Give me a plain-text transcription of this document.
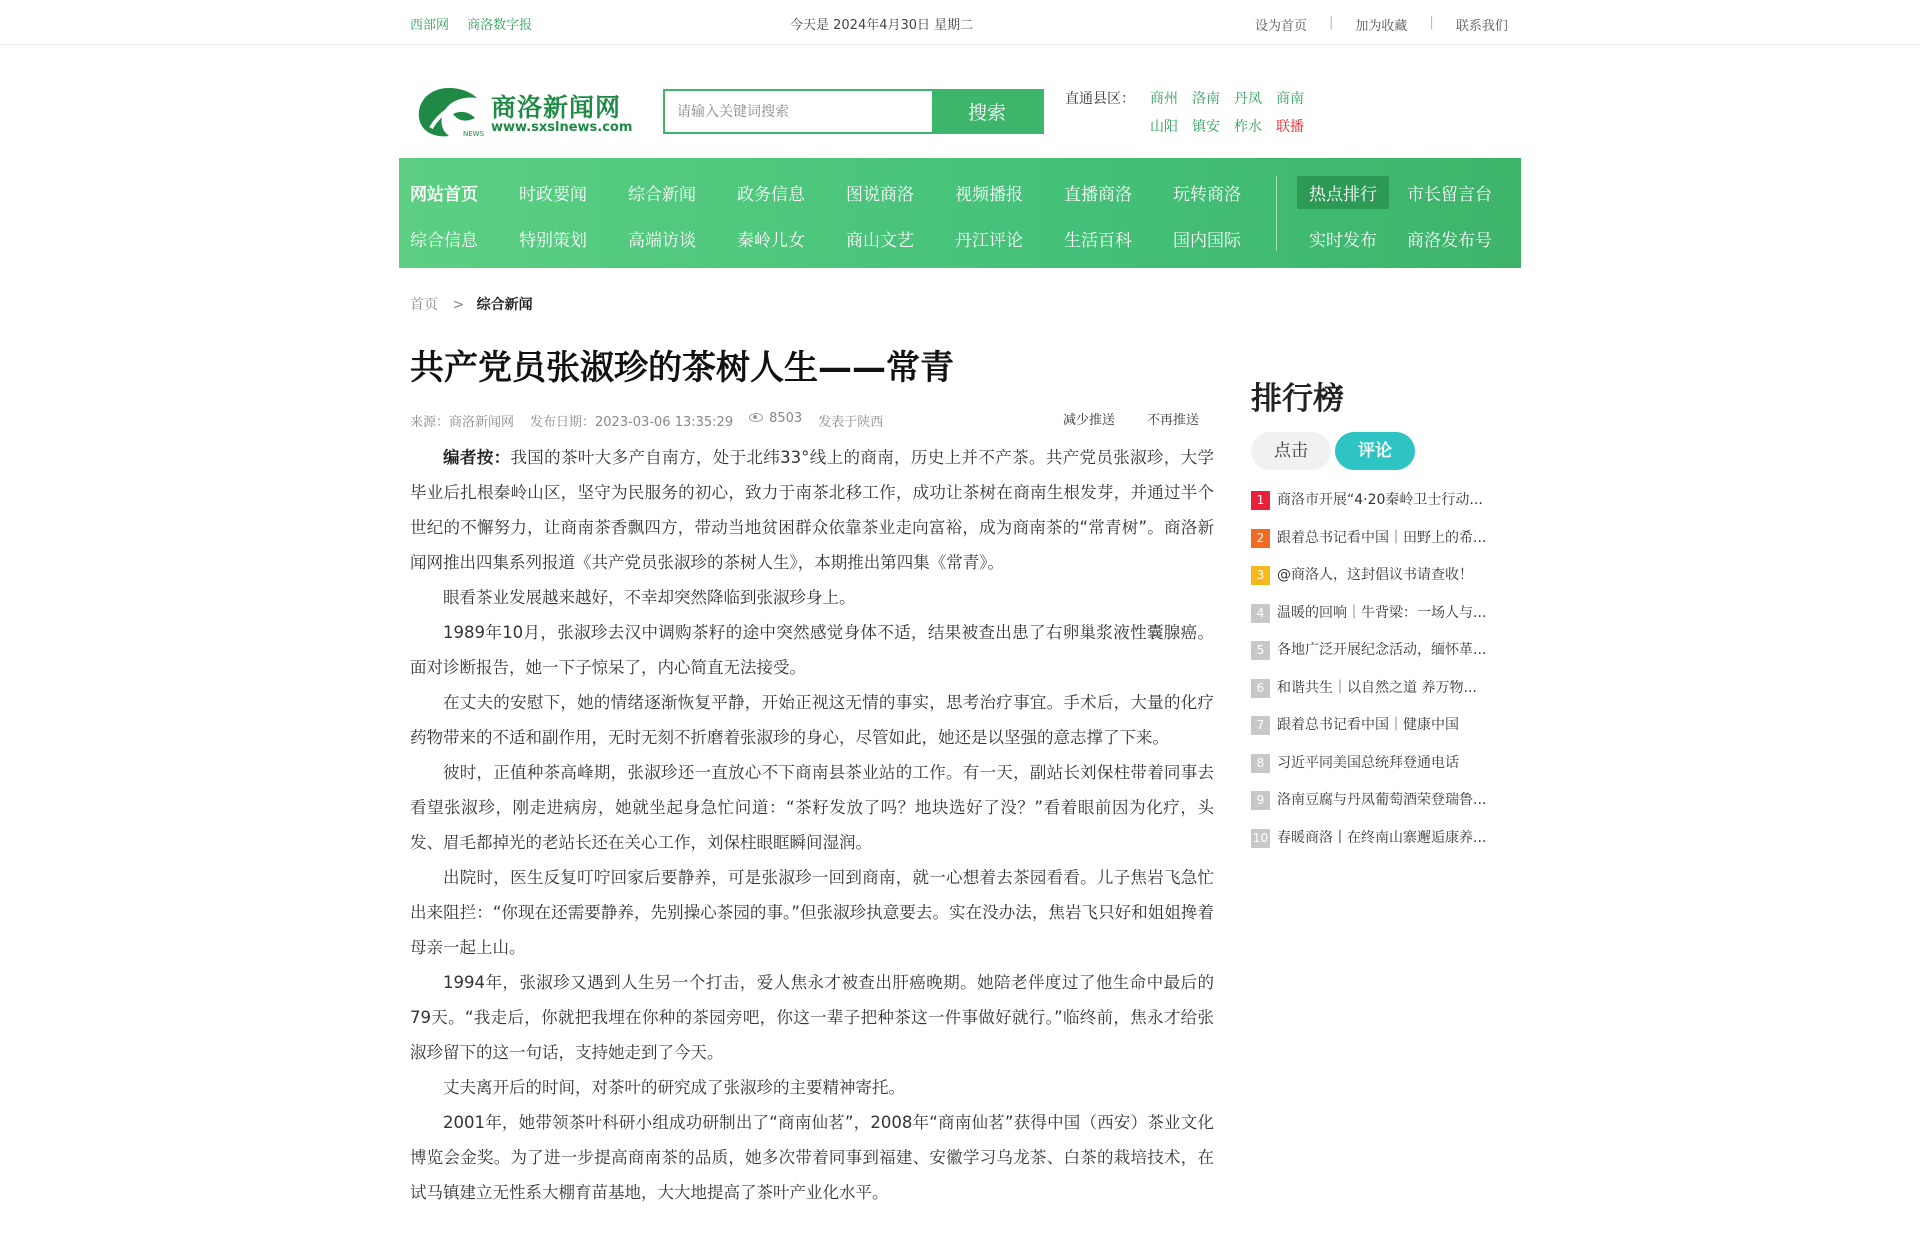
西部网 商洛数字报	今天是 2024年4月30日 星期二	设为首页 | 加为收藏 | 联系我们
NEWS
商洛新闻网
www.sxslnews.com
请输入关键词搜索
搜索
直通县区： 商州 洛南 丹凤 商南
山阳 镇安 柞水 联播
网站首页	时政要闻	综合新闻	政务信息	图说商洛	视频播报	直播商洛	玩转商洛
综合信息	特别策划	高端访谈	秦岭儿女	商山文艺	丹江评论	生活百科	国内国际
热点排行	市长留言台
实时发布	商洛发布号
首页 > 综合新闻
共产党员张淑珍的茶树人生——常青
来源：商洛新闻网 发布日期：2023-03-06 13:35:29	8503 发表于陕西	减少推送 不再推送

编者按：我国的茶叶大多产自南方，处于北纬33°线上的商南，历史上并不产茶。共产党员张淑珍，大学毕业后扎根秦岭山区，坚守为民服务的初心，致力于南茶北移工作，成功让茶树在商南生根发芽，并通过半个世纪的不懈努力，让商南茶香飘四方，带动当地贫困群众依靠茶业走向富裕，成为商南茶的“常青树”。商洛新闻网推出四集系列报道《共产党员张淑珍的茶树人生》，本期推出第四集《常青》。

眼看茶业发展越来越好，不幸却突然降临到张淑珍身上。

1989年10月，张淑珍去汉中调购茶籽的途中突然感觉身体不适，结果被查出患了右卵巢浆液性囊腺癌。面对诊断报告，她一下子惊呆了，内心简直无法接受。

在丈夫的安慰下，她的情绪逐渐恢复平静，开始正视这无情的事实，思考治疗事宜。手术后，大量的化疗药物带来的不适和副作用，无时无刻不折磨着张淑珍的身心，尽管如此，她还是以坚强的意志撑了下来。

彼时，正值种茶高峰期，张淑珍还一直放心不下商南县茶业站的工作。有一天，副站长刘保柱带着同事去看望张淑珍，刚走进病房，她就坐起身急忙问道：“茶籽发放了吗？地块选好了没？”看着眼前因为化疗，头发、眉毛都掉光的老站长还在关心工作，刘保柱眼眶瞬间湿润。

出院时，医生反复叮咛回家后要静养，可是张淑珍一回到商南，就一心想着去茶园看看。儿子焦岩飞急忙出来阻拦：“你现在还需要静养，先别操心茶园的事。”但张淑珍执意要去。实在没办法，焦岩飞只好和姐姐搀着母亲一起上山。

1994年，张淑珍又遇到人生另一个打击，爱人焦永才被查出肝癌晚期。她陪老伴度过了他生命中最后的79天。“我走后，你就把我埋在你种的茶园旁吧，你这一辈子把种茶这一件事做好就行。”临终前，焦永才给张淑珍留下的这一句话，支持她走到了今天。

丈夫离开后的时间，对茶叶的研究成了张淑珍的主要精神寄托。

2001年，她带领茶叶科研小组成功研制出了“商南仙茗”，2008年“商南仙茗”获得中国（西安）茶业文化博览会金奖。为了进一步提高商南茶的品质，她多次带着同事到福建、安徽学习乌龙茶、白茶的栽培技术，在试马镇建立无性系大棚育苗基地，大大地提高了茶叶产业化水平。

排行榜
点击	评论
1 商洛市开展“4·20秦岭卫士行动...
2 跟着总书记看中国｜田野上的希...
3 @商洛人，这封倡议书请查收！
4 温暖的回响｜牛背梁：一场人与...
5 各地广泛开展纪念活动，缅怀革...
6 和谐共生｜以自然之道 养万物...
7 跟着总书记看中国｜健康中国
8 习近平同美国总统拜登通电话
9 洛南豆腐与丹凤葡萄酒荣登瑞鲁...
10 春暖商洛丨在终南山寨邂逅康养...
